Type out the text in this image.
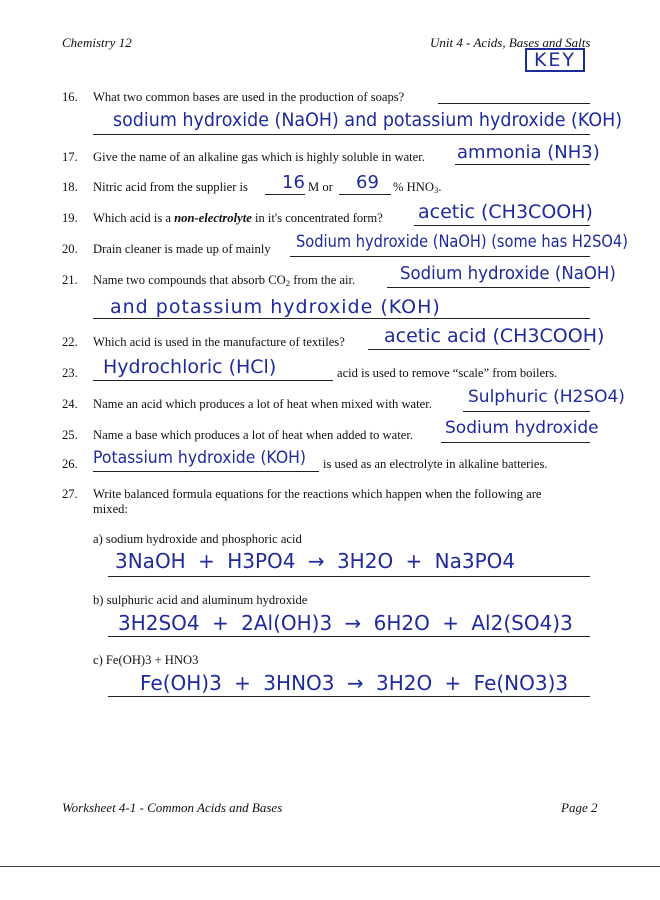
Chemistry 12	Unit 4 - Acids, Bases and Salts
KEY
16. What two common bases are used in the production of soaps?
sodium hydroxide (NaOH) and potassium hydroxide (KOH)
17. Give the name of an alkaline gas which is highly soluble in water. ammonia (NH3)
18. Nitric acid from the supplier is 16 M or 69 % $HNO_3$.
19. Which acid is a non-electrolyte in it's concentrated form? acetic (CH3COOH)
20. Drain cleaner is made up of mainly Sodium hydroxide (NaOH) (some has H2SO4)
21. Name two compounds that absorb $CO_2$ from the air. Sodium hydroxide (NaOH)
and potassium hydroxide (KOH)
22. Which acid is used in the manufacture of textiles? acetic acid (CH3COOH)
23. Hydrochloric (HCl)	acid is used to remove “scale” from boilers.
24. Name an acid which produces a lot of heat when mixed with water. Sulphuric (H2SO4)
25. Name a base which produces a lot of heat when added to water. Sodium hydroxide
26. Potassium hydroxide (KOH) is used as an electrolyte in alkaline batteries.
27. Write balanced formula equations for the reactions which happen when the following are
mixed:
a) sodium hydroxide and phosphoric acid
3NaOH + H3PO4 → 3H2O + Na3PO4
b) sulphuric acid and aluminum hydroxide
3H2SO4 + 2Al(OH)3 → 6H2O + Al2(SO4)3
c) Fe(OH)3 + HNO3
Fe(OH)3 + 3HNO3 → 3H2O + Fe(NO3)3
Worksheet 4-1 - Common Acids and Bases	Page 2
